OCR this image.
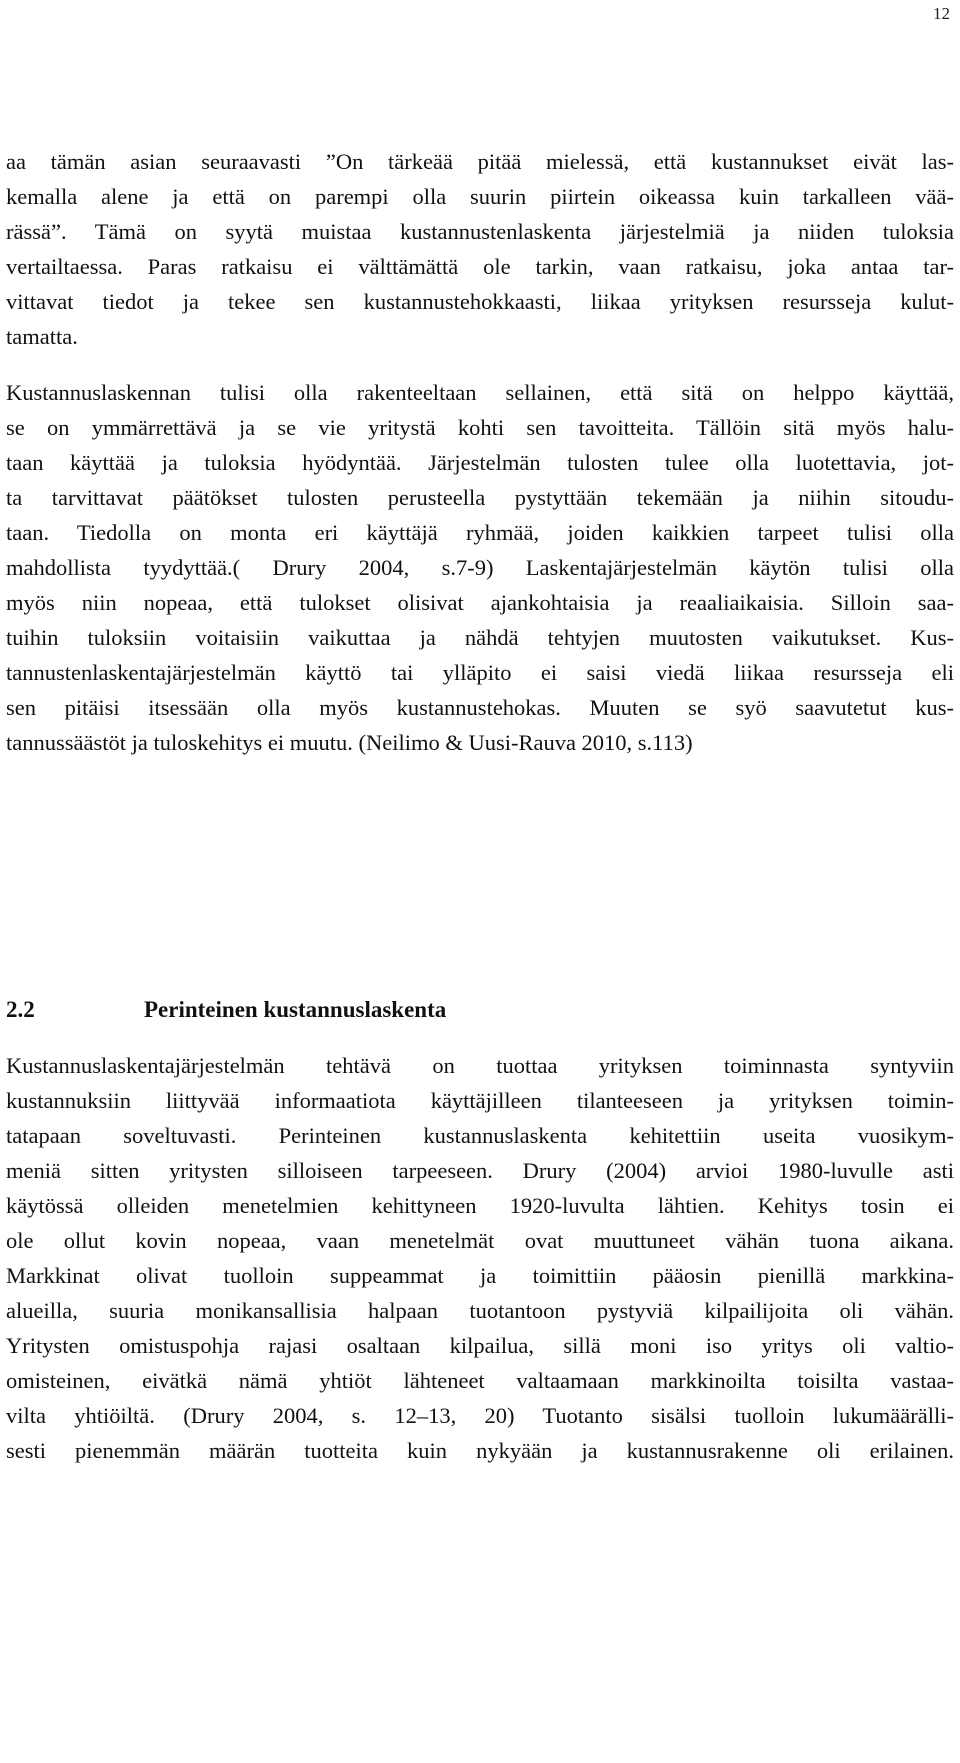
12
aa tämän asian seuraavasti ”On tärkeää pitää mielessä, että kustannukset eivät las-
kemalla alene ja että on parempi olla suurin piirtein oikeassa kuin tarkalleen vää-
rässä”. Tämä on syytä muistaa kustannustenlaskenta järjestelmiä ja niiden tuloksia
vertailtaessa. Paras ratkaisu ei välttämättä ole tarkin, vaan ratkaisu, joka antaa tar-
vittavat tiedot ja tekee sen kustannustehokkaasti, liikaa yrityksen resursseja kulut-
tamatta.
Kustannuslaskennan tulisi olla rakenteeltaan sellainen, että sitä on helppo käyttää,
se on ymmärrettävä ja se vie yritystä kohti sen tavoitteita. Tällöin sitä myös halu-
taan käyttää ja tuloksia hyödyntää. Järjestelmän tulosten tulee olla luotettavia, jot-
ta tarvittavat päätökset tulosten perusteella pystyttään tekemään ja niihin sitoudu-
taan. Tiedolla on monta eri käyttäjä ryhmää, joiden kaikkien tarpeet tulisi olla
mahdollista tyydyttää.( Drury 2004, s.7-9) Laskentajärjestelmän käytön tulisi olla
myös niin nopeaa, että tulokset olisivat ajankohtaisia ja reaaliaikaisia. Silloin saa-
tuihin tuloksiin voitaisiin vaikuttaa ja nähdä tehtyjen muutosten vaikutukset. Kus-
tannustenlaskentajärjestelmän käyttö tai ylläpito ei saisi viedä liikaa resursseja eli
sen pitäisi itsessään olla myös kustannustehokas. Muuten se syö saavutetut kus-
tannussäästöt ja tuloskehitys ei muutu. (Neilimo & Uusi-Rauva 2010, s.113)
2.2	Perinteinen kustannuslaskenta
Kustannuslaskentajärjestelmän tehtävä on tuottaa yrityksen toiminnasta syntyviin
kustannuksiin liittyvää informaatiota käyttäjilleen tilanteeseen ja yrityksen toimin-
tatapaan soveltuvasti. Perinteinen kustannuslaskenta kehitettiin useita vuosikym-
meniä sitten yritysten silloiseen tarpeeseen. Drury (2004) arvioi 1980-luvulle asti
käytössä olleiden menetelmien kehittyneen 1920-luvulta lähtien. Kehitys tosin ei
ole ollut kovin nopeaa, vaan menetelmät ovat muuttuneet vähän tuona aikana.
Markkinat olivat tuolloin suppeammat ja toimittiin pääosin pienillä markkina-
alueilla, suuria monikansallisia halpaan tuotantoon pystyviä kilpailijoita oli vähän.
Yritysten omistuspohja rajasi osaltaan kilpailua, sillä moni iso yritys oli valtio-
omisteinen, eivätkä nämä yhtiöt lähteneet valtaamaan markkinoilta toisilta vastaa-
vilta yhtiöiltä. (Drury 2004, s. 12–13, 20) Tuotanto sisälsi tuolloin lukumäärälli-
sesti pienemmän määrän tuotteita kuin nykyään ja kustannusrakenne oli erilainen.
